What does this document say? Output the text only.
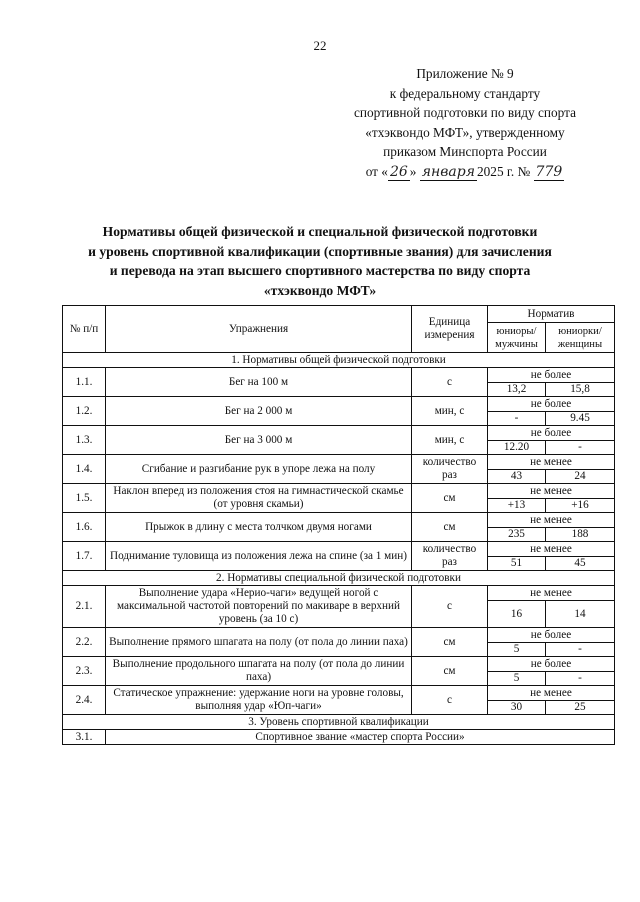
22
Приложение № 9
к федеральному стандарту
спортивной подготовки по виду спорта
«тхэквондо МФТ», утвержденному
приказом Минспорта России
от « 26 » января 2025 г. № 779
Нормативы общей физической и специальной физической подготовки
и уровень спортивной квалификации (спортивные звания) для зачисления
и перевода на этап высшего спортивного мастерства по виду спорта
«тхэквондо МФТ»
№ п/п	Упражнения	Единица измерения	Норматив	
			юниоры/ мужчины	юниорки/ женщины
1. Нормативы общей физической подготовки				
1.1.	Бег на 100 м	с	не более	
			13,2	15,8
1.2.	Бег на 2 000 м	мин, с	не более	
			-	9.45
1.3.	Бег на 3 000 м	мин, с	не более	
			12.20	-
1.4.	Сгибание и разгибание рук в упоре лежа на полу	количество раз	не менее	
			43	24
1.5.	Наклон вперед из положения стоя на гимнастической скамье (от уровня скамьи)	см	не менее	
			+13	+16
1.6.	Прыжок в длину с места толчком двумя ногами	см	не менее	
			235	188
1.7.	Поднимание туловища из положения лежа на спине (за 1 мин)	количество раз	не менее	
			51	45
2. Нормативы специальной физической подготовки				
2.1.	Выполнение удара «Нерио-чаги» ведущей ногой с максимальной частотой повторений по макиваре в верхний уровень (за 10 с)	с	не менее	
			16	14
2.2.	Выполнение прямого шпагата на полу (от пола до линии паха)	см	не более	
			5	-
2.3.	Выполнение продольного шпагата на полу (от пола до линии паха)	см	не более	
			5	-
2.4.	Статическое упражнение: удержание ноги на уровне головы, выполняя удар «Юп-чаги»	с	не менее	
			30	25
3. Уровень спортивной квалификации				
3.1.	Спортивное звание «мастер спорта России»			
